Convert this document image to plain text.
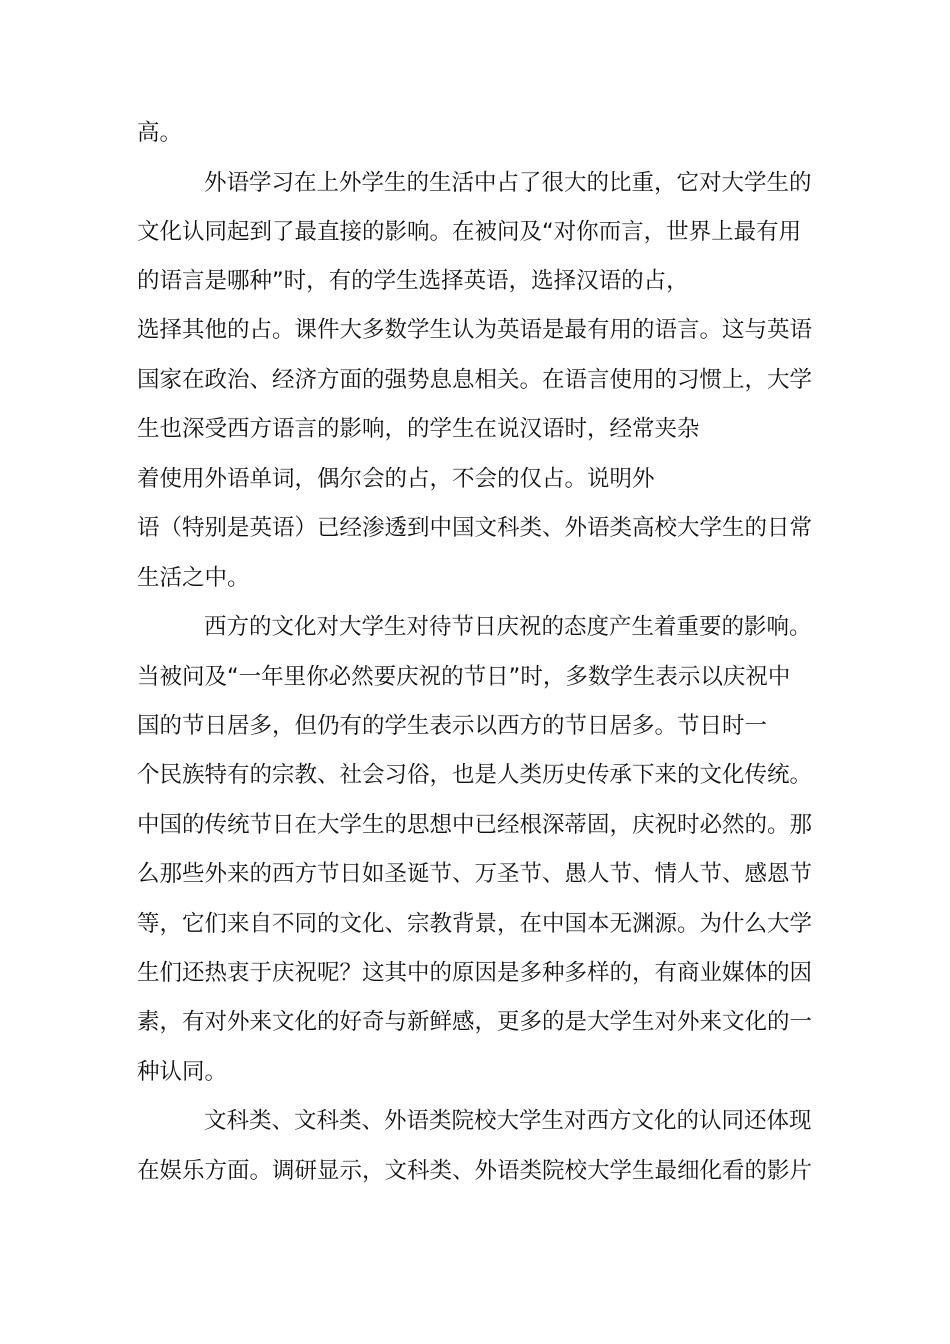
高。
外语学习在上外学生的生活中占了很大的比重，它对大学生的
文化认同起到了最直接的影响。在被问及“对你而言，世界上最有用
的语言是哪种”时，有的学生选择英语，选择汉语的占，
选择其他的占。课件大多数学生认为英语是最有用的语言。这与英语
国家在政治、经济方面的强势息息相关。在语言使用的习惯上，大学
生也深受西方语言的影响，的学生在说汉语时，经常夹杂
着使用外语单词，偶尔会的占，不会的仅占。说明外
语（特别是英语）已经渗透到中国文科类、外语类高校大学生的日常
生活之中。
西方的文化对大学生对待节日庆祝的态度产生着重要的影响。
当被问及“一年里你必然要庆祝的节日”时，多数学生表示以庆祝中
国的节日居多，但仍有的学生表示以西方的节日居多。节日时一
个民族特有的宗教、社会习俗，也是人类历史传承下来的文化传统。
中国的传统节日在大学生的思想中已经根深蒂固，庆祝时必然的。那
么那些外来的西方节日如圣诞节、万圣节、愚人节、情人节、感恩节
等，它们来自不同的文化、宗教背景，在中国本无渊源。为什么大学
生们还热衷于庆祝呢？这其中的原因是多种多样的，有商业媒体的因
素，有对外来文化的好奇与新鲜感，更多的是大学生对外来文化的一
种认同。
文科类、文科类、外语类院校大学生对西方文化的认同还体现
在娱乐方面。调研显示，文科类、外语类院校大学生最细化看的影片
